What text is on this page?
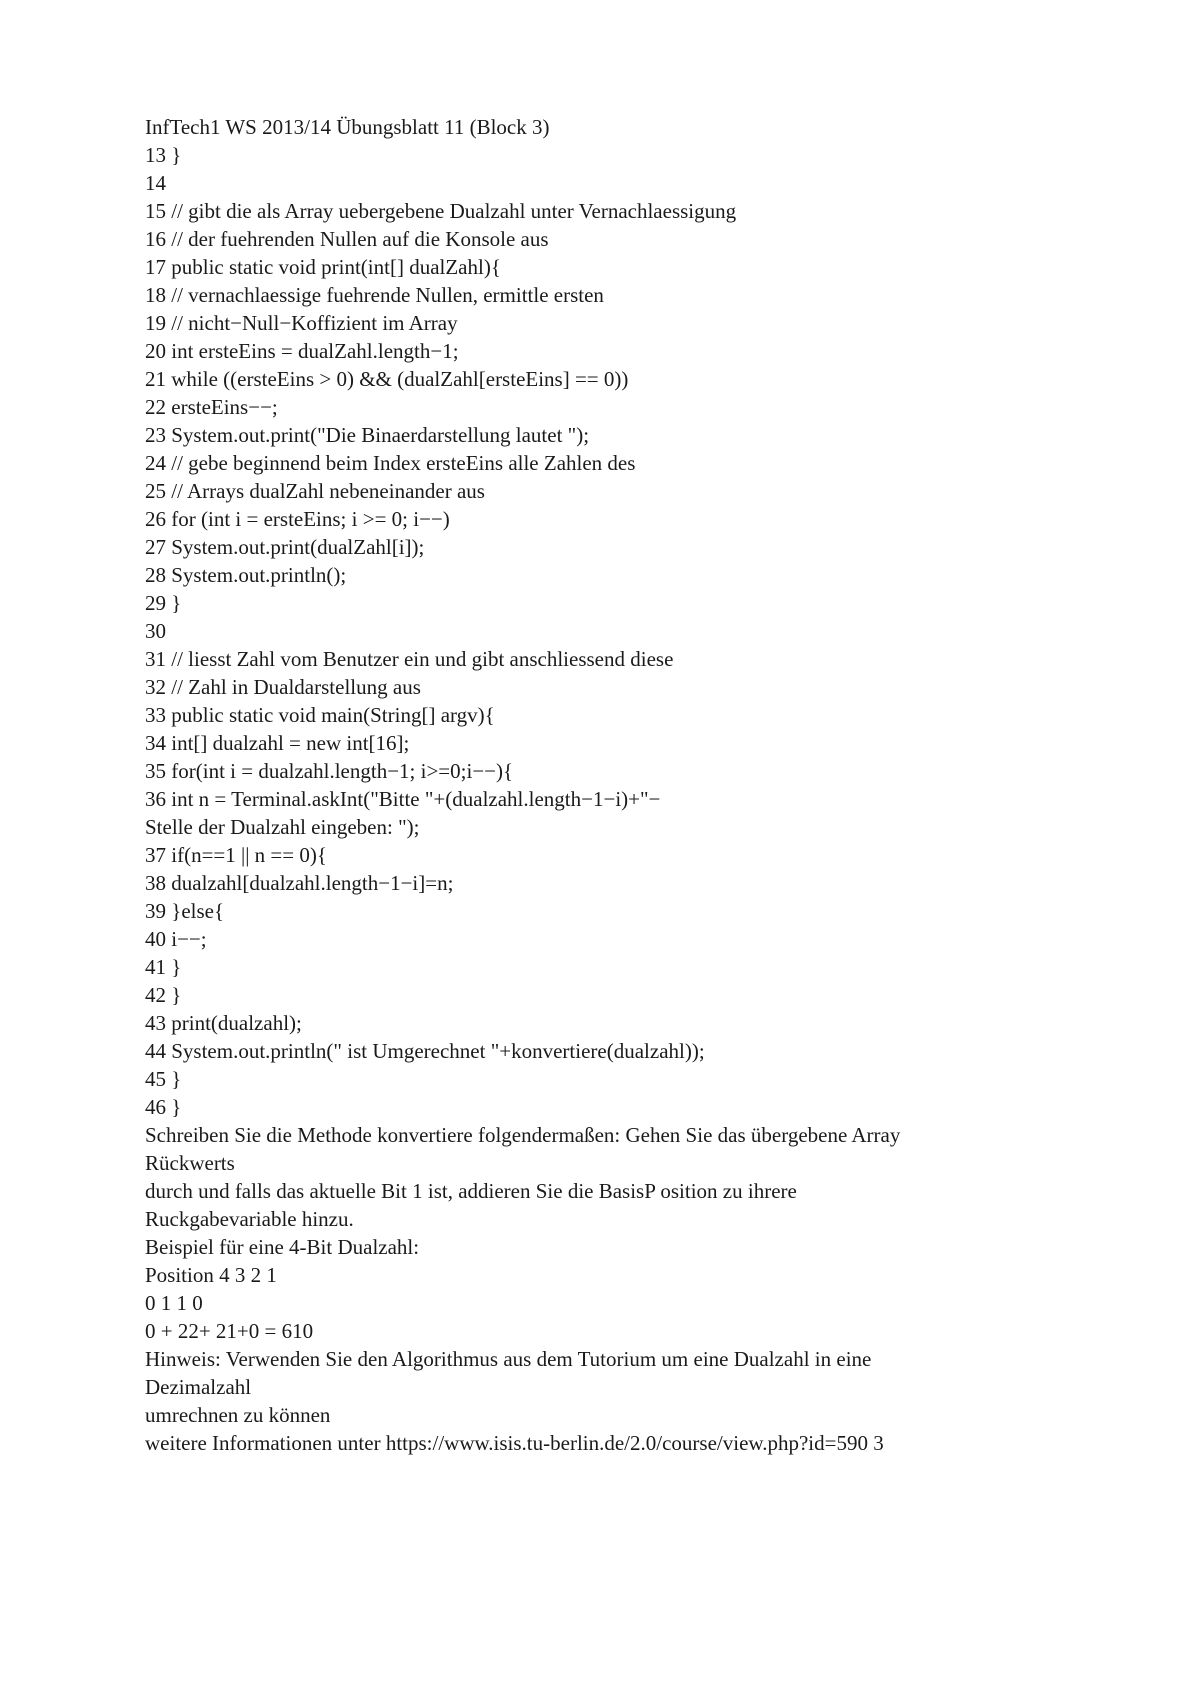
InfTech1 WS 2013/14 Übungsblatt 11 (Block 3)
13 }
14
15 // gibt die als Array uebergebene Dualzahl unter Vernachlaessigung
16 // der fuehrenden Nullen auf die Konsole aus
17 public static void print(int[] dualZahl){
18 // vernachlaessige fuehrende Nullen, ermittle ersten
19 // nicht−Null−Koffizient im Array
20 int ersteEins = dualZahl.length−1;
21 while ((ersteEins > 0) && (dualZahl[ersteEins] == 0))
22 ersteEins−−;
23 System.out.print("Die Binaerdarstellung lautet ");
24 // gebe beginnend beim Index ersteEins alle Zahlen des
25 // Arrays dualZahl nebeneinander aus
26 for (int i = ersteEins; i >= 0; i−−)
27 System.out.print(dualZahl[i]);
28 System.out.println();
29 }
30
31 // liesst Zahl vom Benutzer ein und gibt anschliessend diese
32 // Zahl in Dualdarstellung aus
33 public static void main(String[] argv){
34 int[] dualzahl = new int[16];
35 for(int i = dualzahl.length−1; i>=0;i−−){
36 int n = Terminal.askInt("Bitte "+(dualzahl.length−1−i)+"−
Stelle der Dualzahl eingeben: ");
37 if(n==1 || n == 0){
38 dualzahl[dualzahl.length−1−i]=n;
39 }else{
40 i−−;
41 }
42 }
43 print(dualzahl);
44 System.out.println(" ist Umgerechnet "+konvertiere(dualzahl));
45 }
46 }
Schreiben Sie die Methode konvertiere folgendermaßen: Gehen Sie das übergebene Array
Rückwerts
durch und falls das aktuelle Bit 1 ist, addieren Sie die BasisP osition zu ihrere
Ruckgabevariable hinzu.
Beispiel für eine 4-Bit Dualzahl:
Position 4 3 2 1
0 1 1 0
0 + 22+ 21+0 = 610
Hinweis: Verwenden Sie den Algorithmus aus dem Tutorium um eine Dualzahl in eine
Dezimalzahl
umrechnen zu können
weitere Informationen unter https://www.isis.tu-berlin.de/2.0/course/view.php?id=590 3
